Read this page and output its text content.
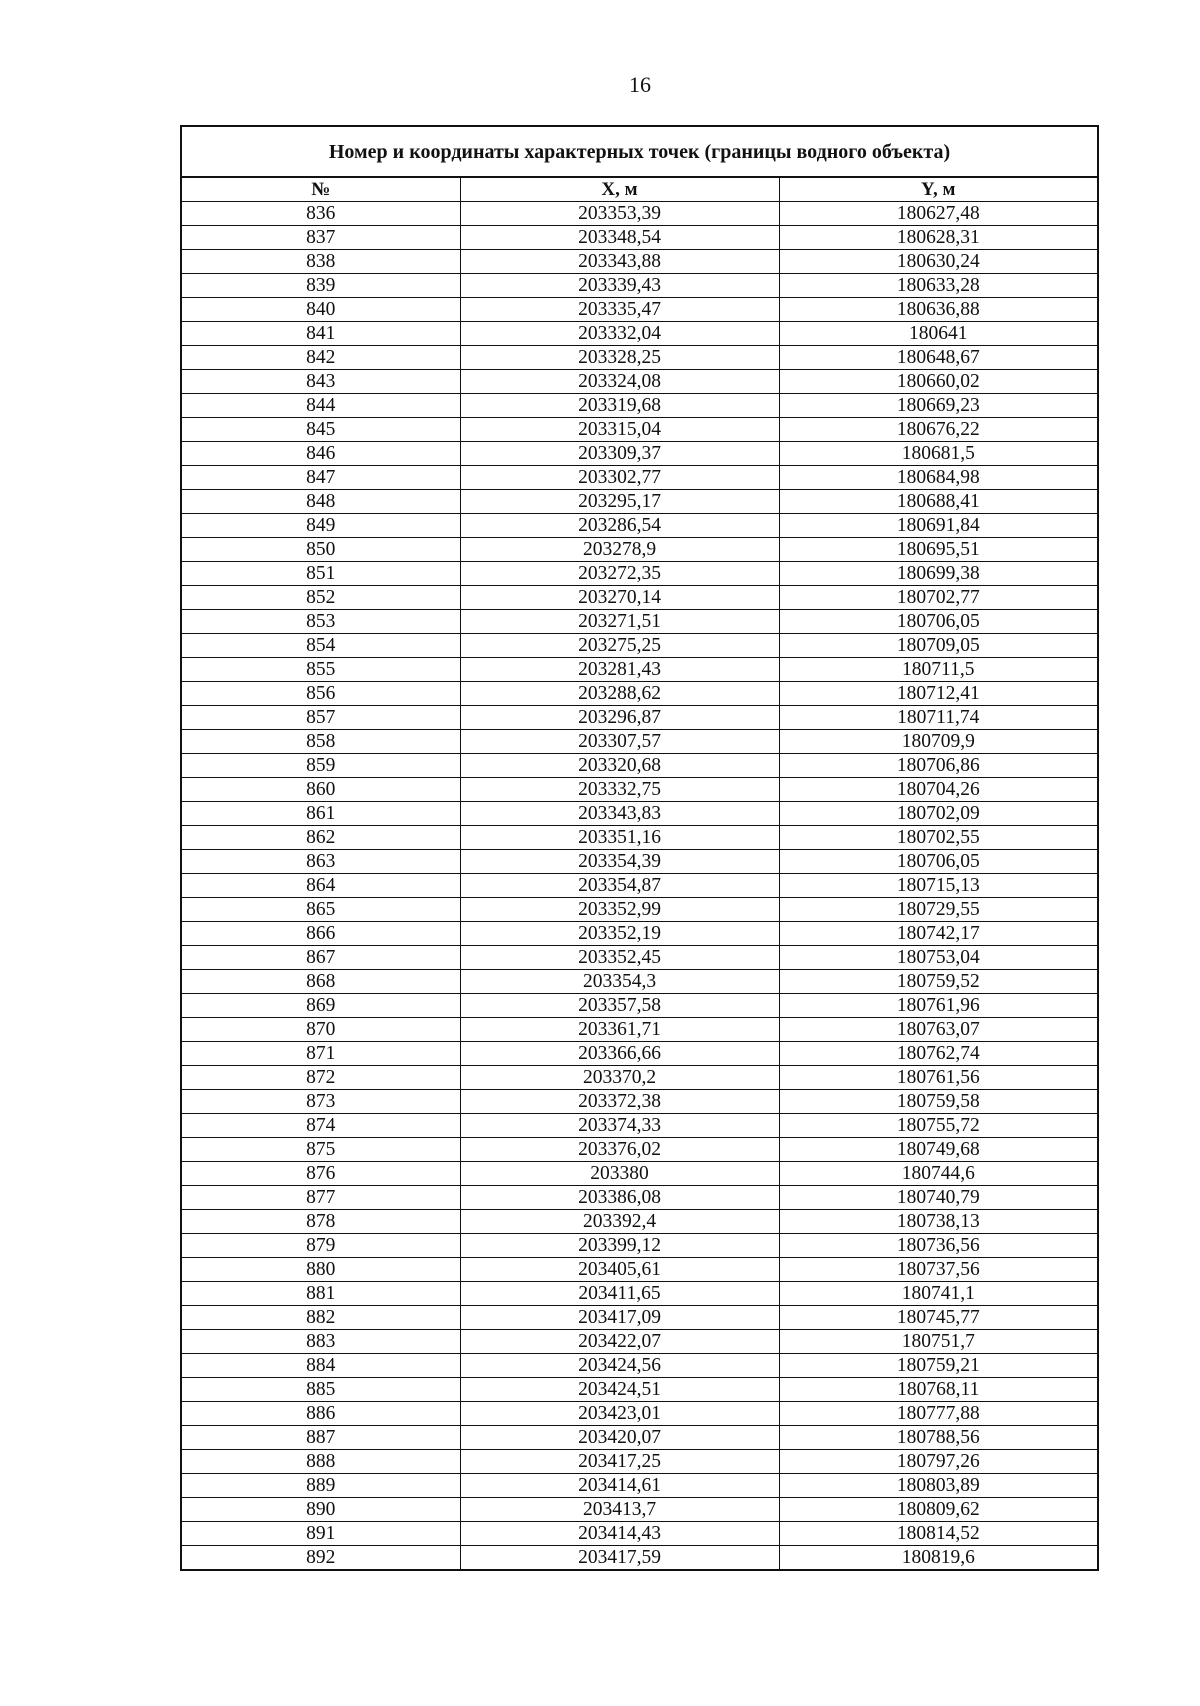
16
Номер и координаты характерных точек (границы водного объекта)
№	X, м	Y, м
836	203353,39	180627,48
837	203348,54	180628,31
838	203343,88	180630,24
839	203339,43	180633,28
840	203335,47	180636,88
841	203332,04	180641
842	203328,25	180648,67
843	203324,08	180660,02
844	203319,68	180669,23
845	203315,04	180676,22
846	203309,37	180681,5
847	203302,77	180684,98
848	203295,17	180688,41
849	203286,54	180691,84
850	203278,9	180695,51
851	203272,35	180699,38
852	203270,14	180702,77
853	203271,51	180706,05
854	203275,25	180709,05
855	203281,43	180711,5
856	203288,62	180712,41
857	203296,87	180711,74
858	203307,57	180709,9
859	203320,68	180706,86
860	203332,75	180704,26
861	203343,83	180702,09
862	203351,16	180702,55
863	203354,39	180706,05
864	203354,87	180715,13
865	203352,99	180729,55
866	203352,19	180742,17
867	203352,45	180753,04
868	203354,3	180759,52
869	203357,58	180761,96
870	203361,71	180763,07
871	203366,66	180762,74
872	203370,2	180761,56
873	203372,38	180759,58
874	203374,33	180755,72
875	203376,02	180749,68
876	203380	180744,6
877	203386,08	180740,79
878	203392,4	180738,13
879	203399,12	180736,56
880	203405,61	180737,56
881	203411,65	180741,1
882	203417,09	180745,77
883	203422,07	180751,7
884	203424,56	180759,21
885	203424,51	180768,11
886	203423,01	180777,88
887	203420,07	180788,56
888	203417,25	180797,26
889	203414,61	180803,89
890	203413,7	180809,62
891	203414,43	180814,52
892	203417,59	180819,6
